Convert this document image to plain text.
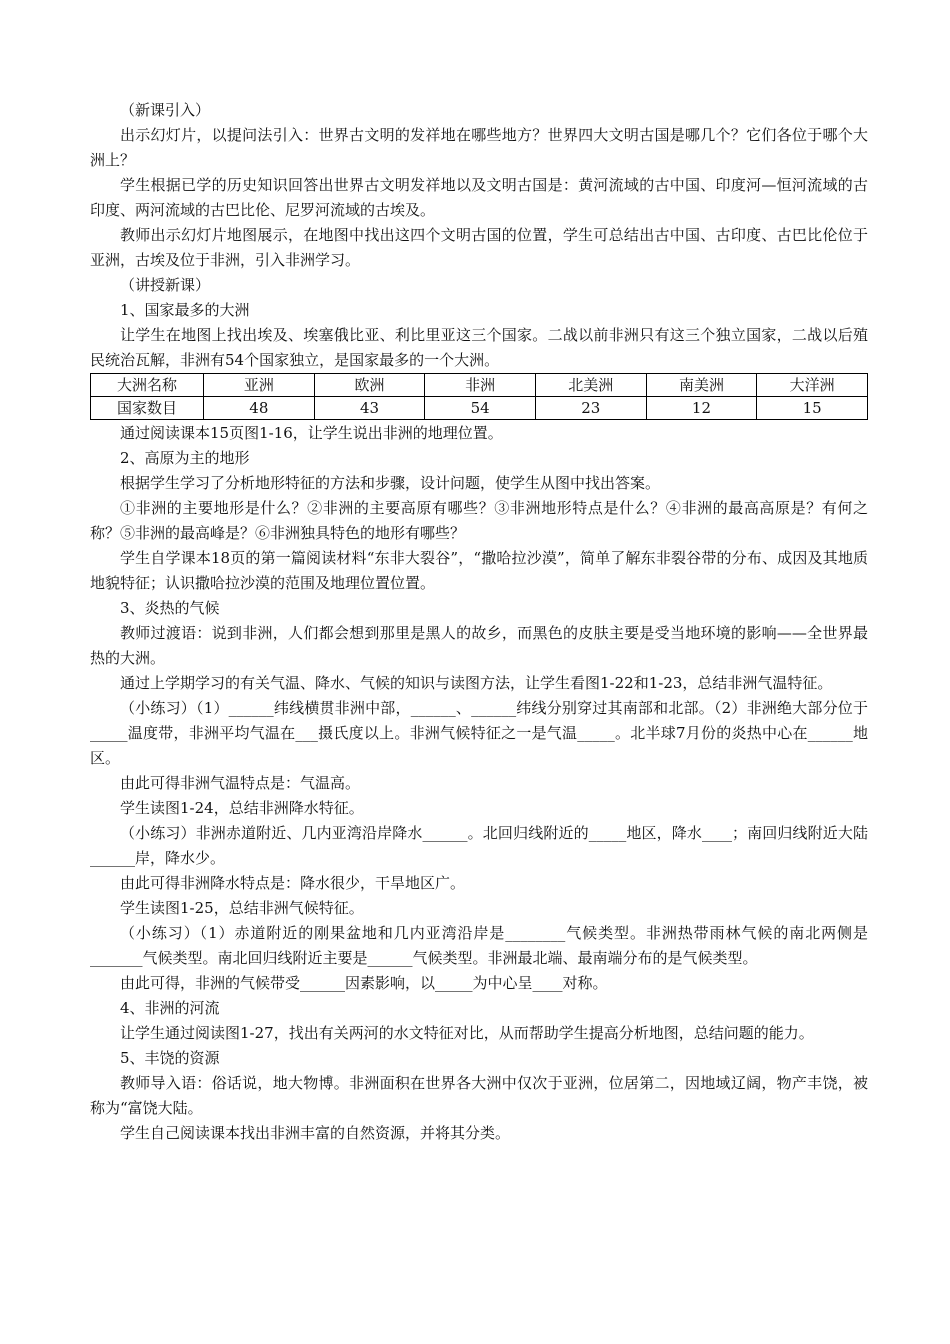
（新课引入）

出示幻灯片，以提问法引入：世界古文明的发祥地在哪些地方？世界四大文明古国是哪几个？它们各位于哪个大洲上？

学生根据已学的历史知识回答出世界古文明发祥地以及文明古国是：黄河流域的古中国、印度河—恒河流域的古印度、两河流域的古巴比伦、尼罗河流域的古埃及。

教师出示幻灯片地图展示，在地图中找出这四个文明古国的位置，学生可总结出古中国、古印度、古巴比伦位于亚洲，古埃及位于非洲，引入非洲学习。

（讲授新课）

1、国家最多的大洲

让学生在地图上找出埃及、埃塞俄比亚、利比里亚这三个国家。二战以前非洲只有这三个独立国家，二战以后殖民统治瓦解，非洲有54个国家独立，是国家最多的一个大洲。

大洲名称	亚洲	欧洲	非洲	北美洲	南美洲	大洋洲
国家数目	48	43	54	23	12	15

通过阅读课本15页图1-16，让学生说出非洲的地理位置。

2、高原为主的地形

根据学生学习了分析地形特征的方法和步骤，设计问题，使学生从图中找出答案。

①非洲的主要地形是什么？②非洲的主要高原有哪些？③非洲地形特点是什么？④非洲的最高高原是？有何之称？⑤非洲的最高峰是？⑥非洲独具特色的地形有哪些？

学生自学课本18页的第一篇阅读材料“东非大裂谷”，“撒哈拉沙漠”，简单了解东非裂谷带的分布、成因及其地质地貌特征；认识撒哈拉沙漠的范围及地理位置位置。

3、炎热的气候

教师过渡语：说到非洲，人们都会想到那里是黑人的故乡，而黑色的皮肤主要是受当地环境的影响——全世界最热的大洲。

通过上学期学习的有关气温、降水、气候的知识与读图方法，让学生看图1-22和1-23，总结非洲气温特征。

（小练习）（1）______纬线横贯非洲中部，______、______纬线分别穿过其南部和北部。（2）非洲绝大部分位于_____温度带，非洲平均气温在___摄氏度以上。非洲气候特征之一是气温_____。北半球7月份的炎热中心在______地区。

由此可得非洲气温特点是：气温高。

学生读图1-24，总结非洲降水特征。

（小练习）非洲赤道附近、几内亚湾沿岸降水______。北回归线附近的_____地区，降水____；南回归线附近大陆______岸，降水少。

由此可得非洲降水特点是：降水很少，干旱地区广。

学生读图1-25，总结非洲气候特征。

（小练习）（1）赤道附近的刚果盆地和几内亚湾沿岸是________气候类型。非洲热带雨林气候的南北两侧是_______气候类型。南北回归线附近主要是______气候类型。非洲最北端、最南端分布的是气候类型。

由此可得，非洲的气候带受______因素影响，以_____为中心呈____对称。

4、非洲的河流

让学生通过阅读图1-27，找出有关两河的水文特征对比，从而帮助学生提高分析地图，总结问题的能力。

5、丰饶的资源

教师导入语：俗话说，地大物博。非洲面积在世界各大洲中仅次于亚洲，位居第二，因地域辽阔，物产丰饶，被称为“富饶大陆。

学生自己阅读课本找出非洲丰富的自然资源，并将其分类。
